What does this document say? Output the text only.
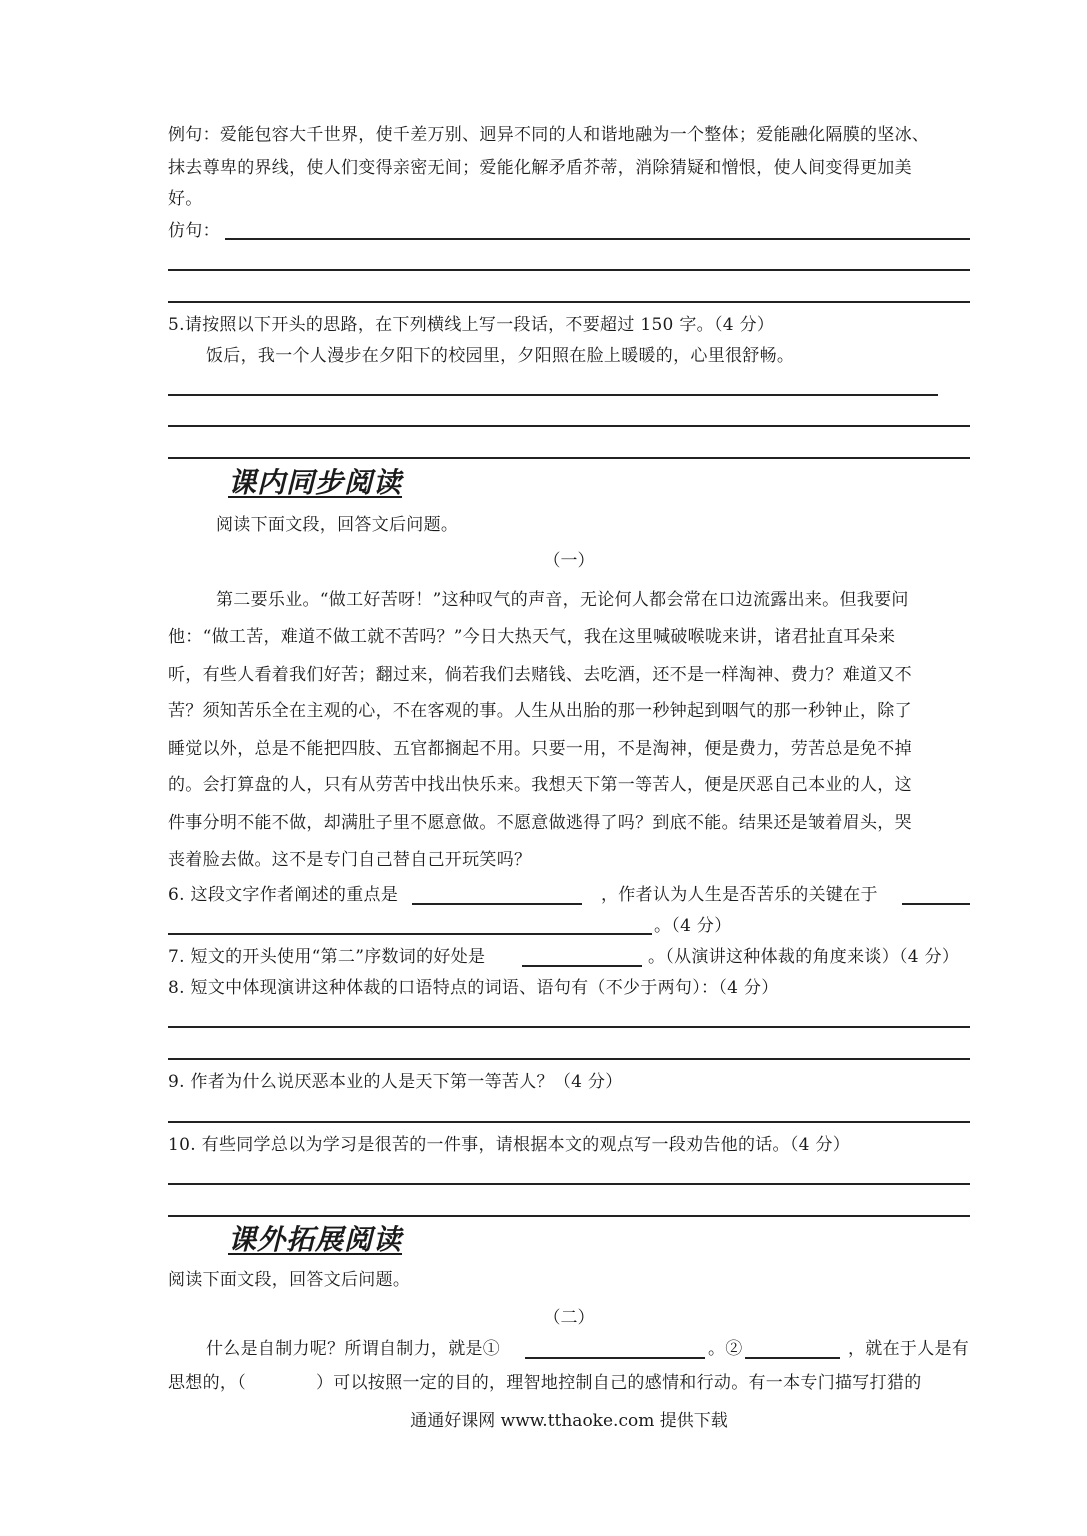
例句：爱能包容大千世界，使千差万别、迥异不同的人和谐地融为一个整体；爱能融化隔膜的坚冰、
抹去尊卑的界线，使人们变得亲密无间；爱能化解矛盾芥蒂，消除猜疑和憎恨，使人间变得更加美
好。
仿句：
5.请按照以下开头的思路，在下列横线上写一段话，不要超过 150 字。（4 分）
饭后，我一个人漫步在夕阳下的校园里，夕阳照在脸上暖暖的，心里很舒畅。
课内同步阅读
阅读下面文段，回答文后问题。
（一）
第二要乐业。“做工好苦呀！”这种叹气的声音，无论何人都会常在口边流露出来。但我要问
他：“做工苦，难道不做工就不苦吗？”今日大热天气，我在这里喊破喉咙来讲，诸君扯直耳朵来
听，有些人看着我们好苦；翻过来，倘若我们去赌钱、去吃酒，还不是一样淘神、费力？难道又不
苦？须知苦乐全在主观的心，不在客观的事。人生从出胎的那一秒钟起到咽气的那一秒钟止，除了
睡觉以外，总是不能把四肢、五官都搁起不用。只要一用，不是淘神，便是费力，劳苦总是免不掉
的。会打算盘的人，只有从劳苦中找出快乐来。我想天下第一等苦人，便是厌恶自己本业的人，这
件事分明不能不做，却满肚子里不愿意做。不愿意做逃得了吗？到底不能。结果还是皱着眉头，哭
丧着脸去做。这不是专门自己替自己开玩笑吗？
6. 这段文字作者阐述的重点是	，作者认为人生是否苦乐的关键在于
。（4 分）
7. 短文的开头使用“第二”序数词的好处是	。（从演讲这种体裁的角度来谈）（4 分）
8. 短文中体现演讲这种体裁的口语特点的词语、语句有（不少于两句）：（4 分）
9. 作者为什么说厌恶本业的人是天下第一等苦人？（4 分）
10. 有些同学总以为学习是很苦的一件事，请根据本文的观点写一段劝告他的话。（4 分）
课外拓展阅读
阅读下面文段，回答文后问题。
（二）
什么是自制力呢？所谓自制力，就是①	。②	，就在于人是有
思想的，（	）可以按照一定的目的，理智地控制自己的感情和行动。有一本专门描写打猎的
通通好课网 www.tthaoke.com 提供下载
